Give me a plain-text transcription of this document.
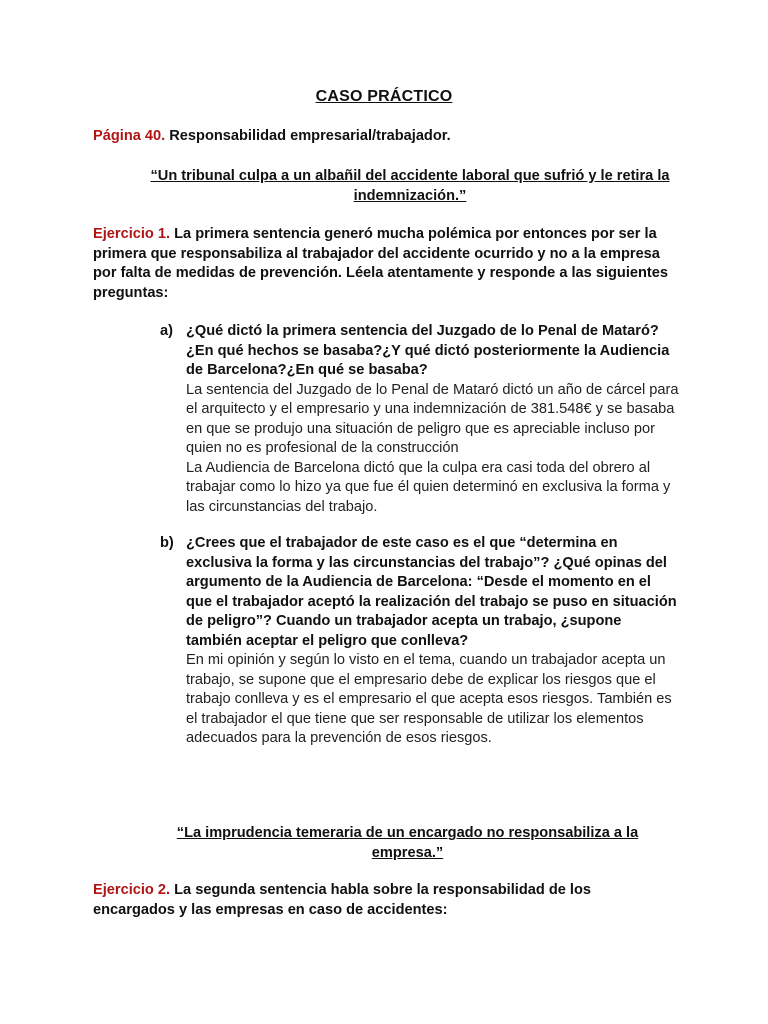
CASO PRÁCTICO
Página 40. Responsabilidad empresarial/trabajador.
“Un tribunal culpa a un albañil del accidente laboral que sufrió y le retira la indemnización.”
Ejercicio 1. La primera sentencia generó mucha polémica por entonces por ser la primera que responsabiliza al trabajador del accidente ocurrido y no a la empresa por falta de medidas de prevención. Léela atentamente y responde a las siguientes preguntas:
a) ¿Qué dictó la primera sentencia del Juzgado de lo Penal de Mataró?¿En qué hechos se basaba?¿Y qué dictó posteriormente la Audiencia de Barcelona?¿En qué se basaba?
La sentencia del Juzgado de lo Penal de Mataró dictó un año de cárcel para el arquitecto y el empresario y una indemnización de 381.548€ y se basaba en que se produjo una situación de peligro que es apreciable incluso por quien no es profesional de la construcción
La Audiencia de Barcelona dictó que la culpa era casi toda del obrero al trabajar como lo hizo ya que fue él quien determinó en exclusiva la forma y las circunstancias del trabajo.
b) ¿Crees que el trabajador de este caso es el que “determina en exclusiva la forma y las circunstancias del trabajo”? ¿Qué opinas del argumento de la Audiencia de Barcelona: “Desde el momento en el que el trabajador aceptó la realización del trabajo se puso en situación de peligro”? Cuando un trabajador acepta un trabajo, ¿supone también aceptar el peligro que conlleva?
En mi opinión y según lo visto en el tema, cuando un trabajador acepta un trabajo, se supone que el empresario debe de explicar los riesgos que el trabajo conlleva y es el empresario el que acepta esos riesgos. También es el trabajador el que tiene que ser responsable de utilizar los elementos adecuados para la prevención de esos riesgos.
“La imprudencia temeraria de un encargado no responsabiliza a la empresa.”
Ejercicio 2. La segunda sentencia habla sobre la responsabilidad de los encargados y las empresas en caso de accidentes:
